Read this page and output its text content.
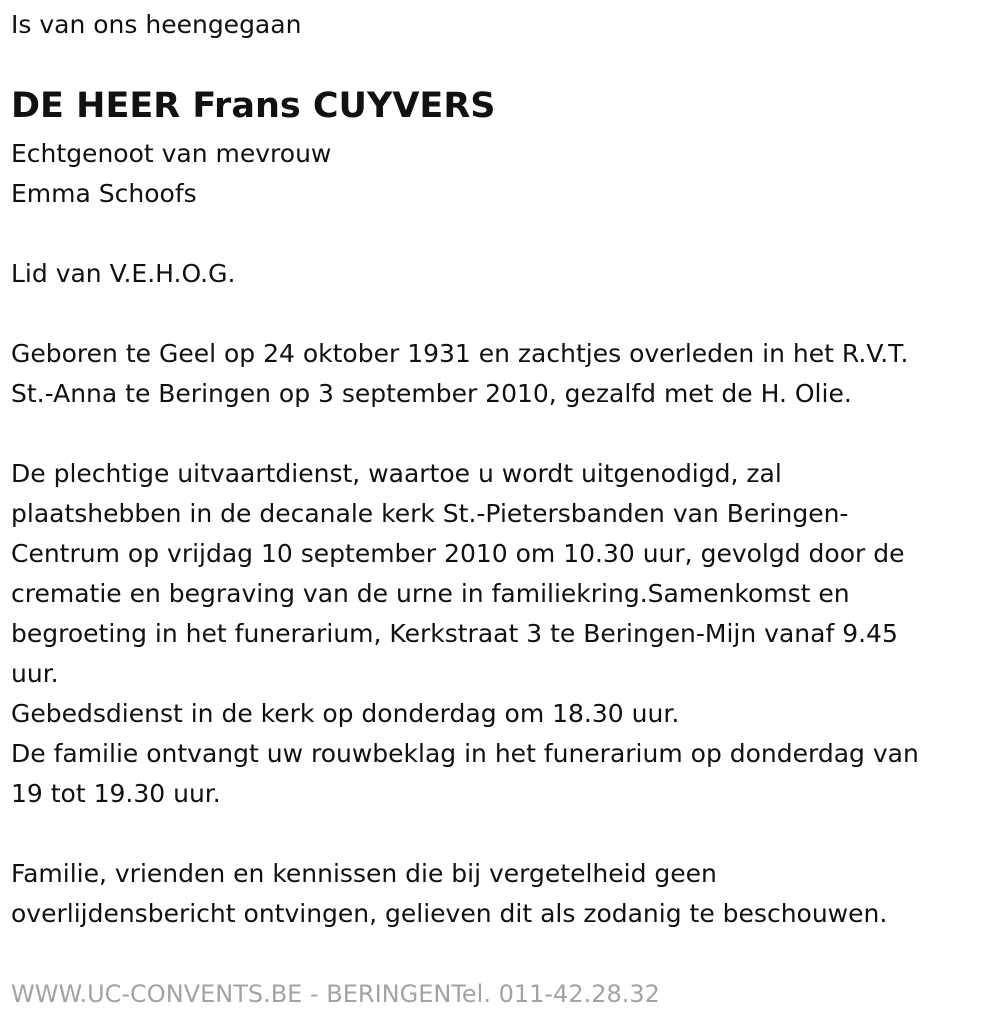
Is van ons heengegaan
DE HEER Frans CUYVERS
Echtgenoot van mevrouw
Emma Schoofs
Lid van V.E.H.O.G.
Geboren te Geel op 24 oktober 1931 en zachtjes overleden in het R.V.T.
St.-Anna te Beringen op 3 september 2010, gezalfd met de H. Olie.
De plechtige uitvaartdienst, waartoe u wordt uitgenodigd, zal
plaatshebben in de decanale kerk St.-Pietersbanden van Beringen-
Centrum op vrijdag 10 september 2010 om 10.30 uur, gevolgd door de
crematie en begraving van de urne in familiekring.Samenkomst en
begroeting in het funerarium, Kerkstraat 3 te Beringen-Mijn vanaf 9.45
uur.
Gebedsdienst in de kerk op donderdag om 18.30 uur.
De familie ontvangt uw rouwbeklag in het funerarium op donderdag van
19 tot 19.30 uur.
Familie, vrienden en kennissen die bij vergetelheid geen
overlijdensbericht ontvingen, gelieven dit als zodanig te beschouwen.
WWW.UC-CONVENTS.BE - BERINGENTel. 011-42.28.32
